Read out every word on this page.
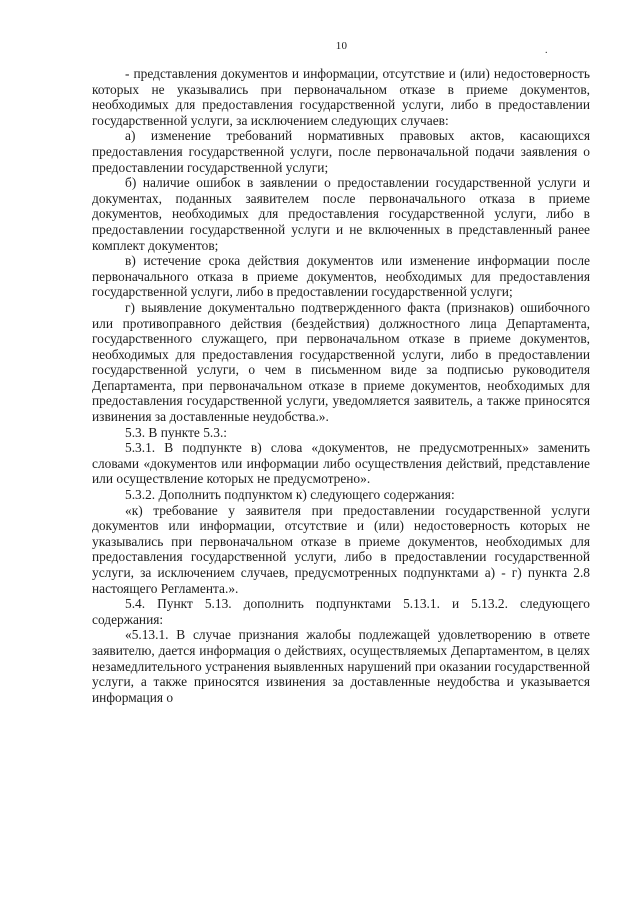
10	.

- представления документов и информации, отсутствие и (или) недостоверность которых не указывались при первоначальном отказе в приеме документов, необходимых для предоставления государственной услуги, либо в предоставлении государственной услуги, за исключением следующих случаев:

а) изменение требований нормативных правовых актов, касающихся предоставления государственной услуги, после первоначальной подачи заявления о предоставлении государственной услуги;

б) наличие ошибок в заявлении о предоставлении государственной услуги и документах, поданных заявителем после первоначального отказа в приеме документов, необходимых для предоставления государственной услуги, либо в предоставлении государственной услуги и не включенных в представленный ранее комплект документов;

в) истечение срока действия документов или изменение информации после первоначального отказа в приеме документов, необходимых для предоставления государственной услуги, либо в предоставлении государственной услуги;

г) выявление документально подтвержденного факта (признаков) ошибочного или противоправного действия (бездействия) должностного лица Департамента, государственного служащего, при первоначальном отказе в приеме документов, необходимых для предоставления государственной услуги, либо в предоставлении государственной услуги, о чем в письменном виде за подписью руководителя Департамента, при первоначальном отказе в приеме документов, необходимых для предоставления государственной услуги, уведомляется заявитель, а также приносятся извинения за доставленные неудобства.».

5.3. В пункте 5.3.:

5.3.1. В подпункте в) слова «документов, не предусмотренных» заменить словами «документов или информации либо осуществления действий, представление или осуществление которых не предусмотрено».

5.3.2. Дополнить подпунктом к) следующего содержания:

«к) требование у заявителя при предоставлении государственной услуги документов или информации, отсутствие и (или) недостоверность которых не указывались при первоначальном отказе в приеме документов, необходимых для предоставления государственной услуги, либо в предоставлении государственной услуги, за исключением случаев, предусмотренных подпунктами а) - г) пункта 2.8 настоящего Регламента.».

5.4. Пункт 5.13. дополнить подпунктами 5.13.1. и 5.13.2. следующего содержания:

«5.13.1. В случае признания жалобы подлежащей удовлетворению в ответе заявителю, дается информация о действиях, осуществляемых Департаментом, в целях незамедлительного устранения выявленных нарушений при оказании государственной услуги, а также приносятся извинения за доставленные неудобства и указывается информация о
